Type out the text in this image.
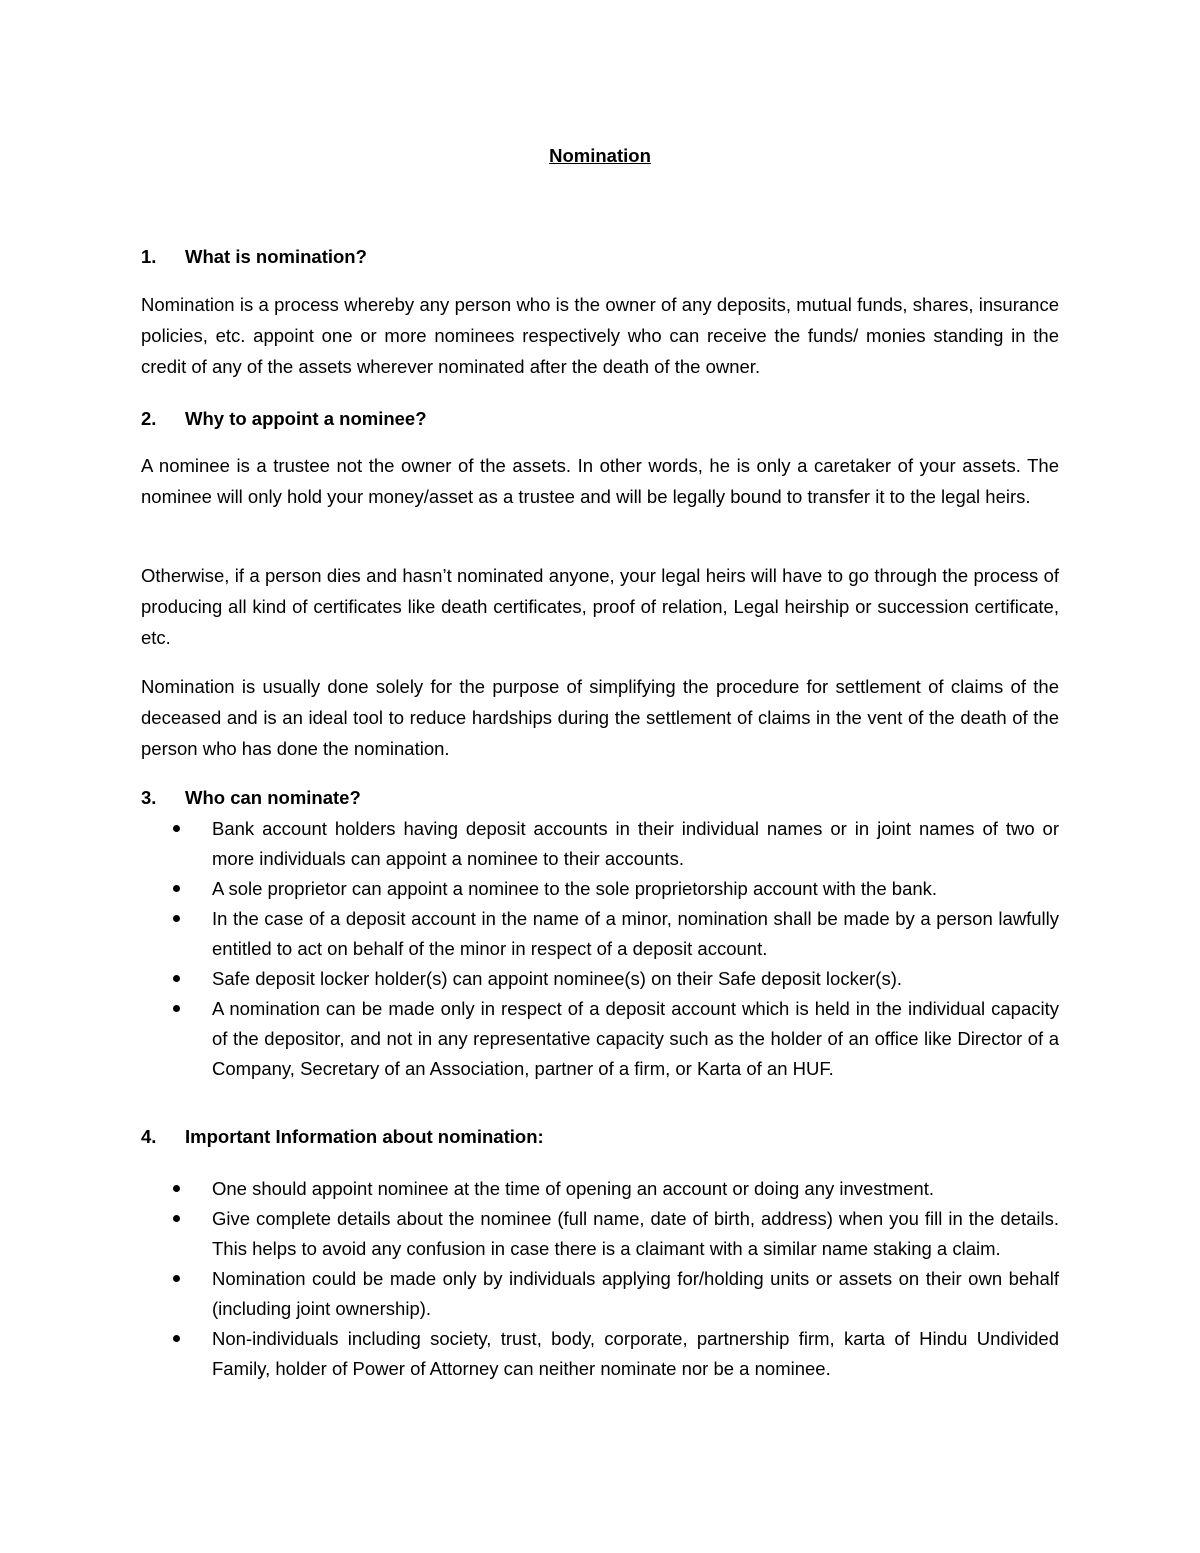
Nomination
1. What is nomination?

Nomination is a process whereby any person who is the owner of any deposits, mutual funds, shares, insurance policies, etc. appoint one or more nominees respectively who can receive the funds/ monies standing in the credit of any of the assets wherever nominated after the death of the owner.

2. Why to appoint a nominee?

A nominee is a trustee not the owner of the assets. In other words, he is only a caretaker of your assets. The nominee will only hold your money/asset as a trustee and will be legally bound to transfer it to the legal heirs.

Otherwise, if a person dies and hasn’t nominated anyone, your legal heirs will have to go through the process of producing all kind of certificates like death certificates, proof of relation, Legal heirship or succession certificate, etc.

Nomination is usually done solely for the purpose of simplifying the procedure for settlement of claims of the deceased and is an ideal tool to reduce hardships during the settlement of claims in the vent of the death of the person who has done the nomination.

3. Who can nominate?
Bank account holders having deposit accounts in their individual names or in joint names of two or more individuals can appoint a nominee to their accounts.
A sole proprietor can appoint a nominee to the sole proprietorship account with the bank.
In the case of a deposit account in the name of a minor, nomination shall be made by a person lawfully entitled to act on behalf of the minor in respect of a deposit account.
Safe deposit locker holder(s) can appoint nominee(s) on their Safe deposit locker(s).
A nomination can be made only in respect of a deposit account which is held in the individual capacity of the depositor, and not in any representative capacity such as the holder of an office like Director of a Company, Secretary of an Association, partner of a firm, or Karta of an HUF.
4. Important Information about nomination:
One should appoint nominee at the time of opening an account or doing any investment.
Give complete details about the nominee (full name, date of birth, address) when you fill in the details. This helps to avoid any confusion in case there is a claimant with a similar name staking a claim.
Nomination could be made only by individuals applying for/holding units or assets on their own behalf (including joint ownership).
Non-individuals including society, trust, body, corporate, partnership firm, karta of Hindu Undivided Family, holder of Power of Attorney can neither nominate nor be a nominee.
